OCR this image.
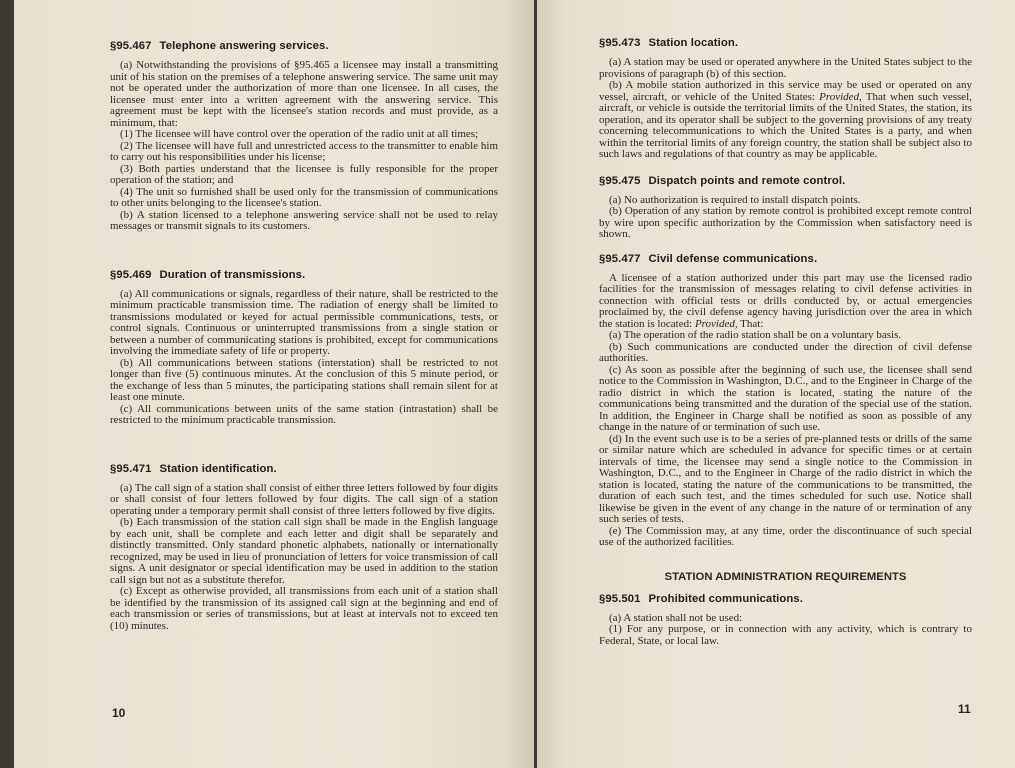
§95.467 Telephone answering services.

(a) Notwithstanding the provisions of §95.465 a licensee may install a transmitting unit of his station on the premises of a telephone answering service. The same unit may not be operated under the authorization of more than one licensee. In all cases, the licensee must enter into a written agreement with the answering service. This agreement must be kept with the licensee's station records and must provide, as a minimum, that:

(1) The licensee will have control over the operation of the radio unit at all times;

(2) The licensee will have full and unrestricted access to the transmitter to enable him to carry out his responsibilities under his license;

(3) Both parties understand that the licensee is fully responsible for the proper operation of the station; and

(4) The unit so furnished shall be used only for the transmission of communications to other units belonging to the licensee's station.

(b) A station licensed to a telephone answering service shall not be used to relay messages or transmit signals to its customers.

§95.469 Duration of transmissions.

(a) All communications or signals, regardless of their nature, shall be restricted to the minimum practicable transmission time. The radiation of energy shall be limited to transmissions modulated or keyed for actual permissible communications, tests, or control signals. Continuous or uninterrupted transmissions from a single station or between a number of communicating stations is prohibited, except for communications involving the immediate safety of life or property.

(b) All communications between stations (interstation) shall be restricted to not longer than five (5) continuous minutes. At the conclusion of this 5 minute period, or the exchange of less than 5 minutes, the participating stations shall remain silent for at least one minute.

(c) All communications between units of the same station (intrastation) shall be restricted to the minimum practicable transmission.

§95.471 Station identification.

(a) The call sign of a station shall consist of either three letters followed by four digits or shall consist of four letters followed by four digits. The call sign of a station operating under a temporary permit shall consist of three letters followed by five digits.

(b) Each transmission of the station call sign shall be made in the English language by each unit, shall be complete and each letter and digit shall be separately and distinctly transmitted. Only standard phonetic alphabets, nationally or internationally recognized, may be used in lieu of pronunciation of letters for voice transmission of call signs. A unit designator or special identification may be used in addition to the station call sign but not as a substitute therefor.

(c) Except as otherwise provided, all transmissions from each unit of a station shall be identified by the transmission of its assigned call sign at the beginning and end of each transmission or series of transmissions, but at least at intervals not to exceed ten (10) minutes.

10
§95.473 Station location.

(a) A station may be used or operated anywhere in the United States subject to the provisions of paragraph (b) of this section.

(b) A mobile station authorized in this service may be used or operated on any vessel, aircraft, or vehicle of the United States: Provided, That when such vessel, aircraft, or vehicle is outside the territorial limits of the United States, the station, its operation, and its operator shall be subject to the governing provisions of any treaty concerning telecommunications to which the United States is a party, and when within the territorial limits of any foreign country, the station shall be subject also to such laws and regulations of that country as may be applicable.

§95.475 Dispatch points and remote control.

(a) No authorization is required to install dispatch points.

(b) Operation of any station by remote control is prohibited except remote control by wire upon specific authorization by the Commission when satisfactory need is shown.

§95.477 Civil defense communications.

A licensee of a station authorized under this part may use the licensed radio facilities for the transmission of messages relating to civil defense activities in connection with official tests or drills conducted by, or actual emergencies proclaimed by, the civil defense agency having jurisdiction over the area in which the station is located: Provided, That:

(a) The operation of the radio station shall be on a voluntary basis.

(b) Such communications are conducted under the direction of civil defense authorities.

(c) As soon as possible after the beginning of such use, the licensee shall send notice to the Commission in Washington, D.C., and to the Engineer in Charge of the radio district in which the station is located, stating the nature of the communications being transmitted and the duration of the special use of the station. In addition, the Engineer in Charge shall be notified as soon as possible of any change in the nature of or termination of such use.

(d) In the event such use is to be a series of pre-planned tests or drills of the same or similar nature which are scheduled in advance for specific times or at certain intervals of time, the licensee may send a single notice to the Commission in Washington, D.C., and to the Engineer in Charge of the radio district in which the station is located, stating the nature of the communications to be transmitted, the duration of each such test, and the times scheduled for such use. Notice shall likewise be given in the event of any change in the nature of or termination of any such series of tests.

(e) The Commission may, at any time, order the discontinuance of such special use of the authorized facilities.

STATION ADMINISTRATION REQUIREMENTS
§95.501 Prohibited communications.

(a) A station shall not be used:

(1) For any purpose, or in connection with any activity, which is contrary to Federal, State, or local law.

11
